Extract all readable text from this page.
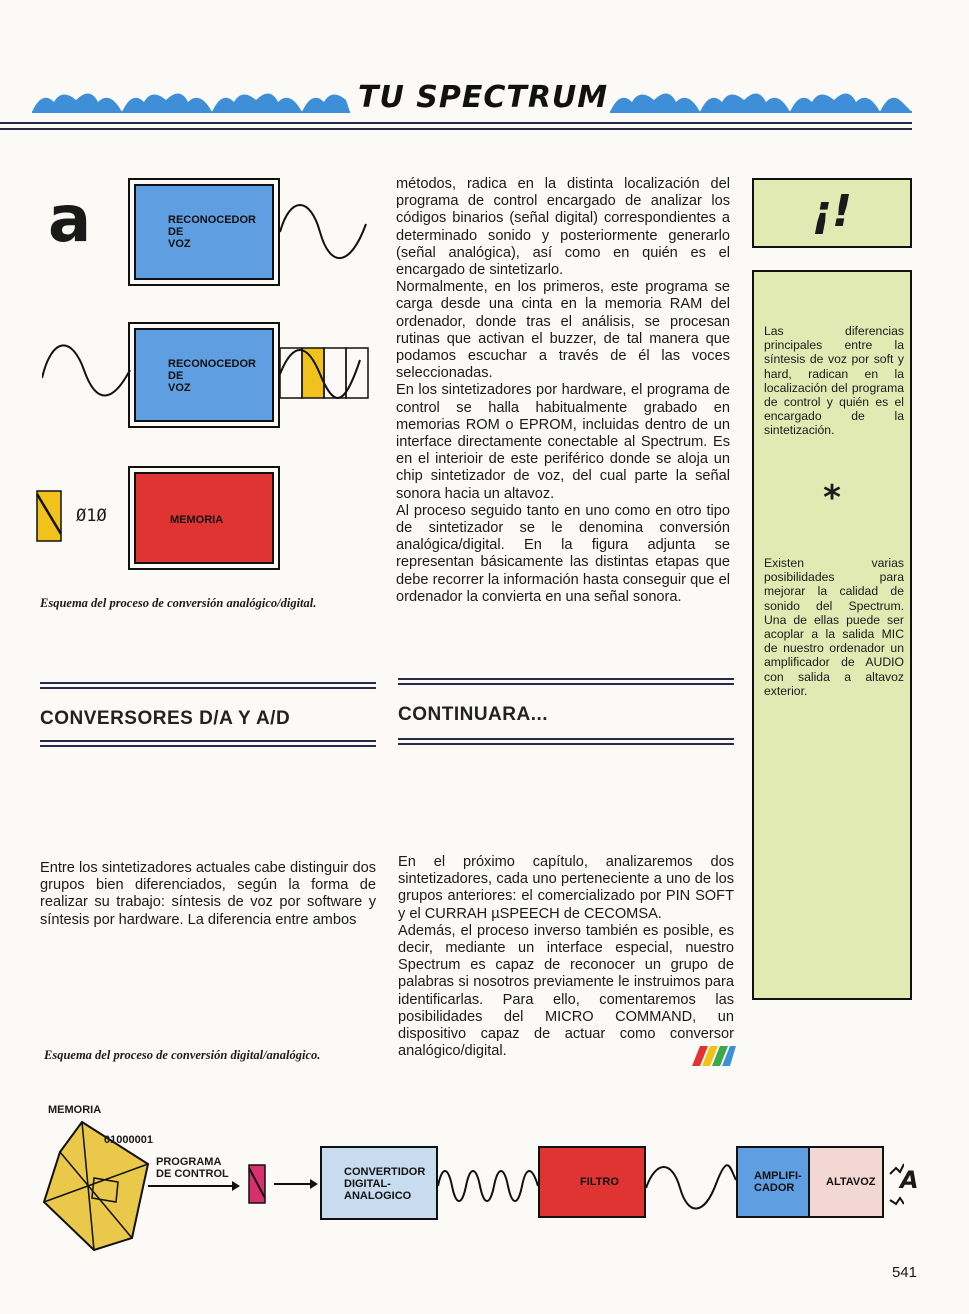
TU SPECTRUM
a	RECONOCEDOR
DE
VOZ
RECONOCEDOR
DE
VOZ
MEMORIA
Ø1Ø
Esquema del proceso de conversión analógico/digital.

métodos, radica en la distinta localización del programa de control encargado de analizar los códigos binarios (señal digital) correspondientes a determinado sonido y posteriormente generarlo (señal analógica), así como en quién es el encargado de sintetizarlo.

Normalmente, en los primeros, este programa se carga desde una cinta en la memoria RAM del ordenador, donde tras el análisis, se procesan rutinas que activan el buzzer, de tal manera que podamos escuchar a través de él las voces seleccionadas.

En los sintetizadores por hardware, el programa de control se halla habitualmente grabado en memorias ROM o EPROM, incluidas dentro de un interface directamente conectable al Spectrum. Es en el interioir de este periférico donde se aloja un chip sintetizador de voz, del cual parte la señal sonora hacia un altavoz.

Al proceso seguido tanto en uno como en otro tipo de sintetizador se le denomina conversión analógica/digital. En la figura adjunta se representan básicamente las distintas etapas que debe recorrer la información hasta conseguir que el ordenador la convierta en una señal sonora.

CONVERSORES D/A Y A/D	CONTINUARA...

Entre los sintetizadores actuales cabe distinguir dos grupos bien diferenciados, según la forma de realizar su trabajo: síntesis de voz por software y síntesis por hardware. La diferencia entre ambos

En el próximo capítulo, analizaremos dos sintetizadores, cada uno perteneciente a uno de los grupos anteriores: el comercializado por PIN SOFT y el CURRAH µSPEECH de CECOMSA.

Además, el proceso inverso también es posible, es decir, mediante un interface especial, nuestro Spectrum es capaz de reconocer un grupo de palabras si nosotros previamente le instruimos para identificarlas. Para ello, comentaremos las posibilidades del MICRO COMMAND, un dispositivo capaz de actuar como conversor analógico/digital.

¡!
Las diferencias principales entre la síntesis de voz por soft y hard, radican en la localización del programa de control y quién es el encargado de la sintetización.
*
Existen varias posibilidades para mejorar la calidad de sonido del Spectrum. Una de ellas puede ser acoplar a la salida MIC de nuestro ordenador un amplificador de AUDIO con salida a altavoz exterior.
Esquema del proceso de conversión digital/analógico.
MEMORIA
01000001
PROGRAMA
DE CONTROL	CONVERTIDOR
DIGITAL-
ANALOGICO
FILTRO	AMPLIFI-
CADOR	ALTAVOZ	A
541
